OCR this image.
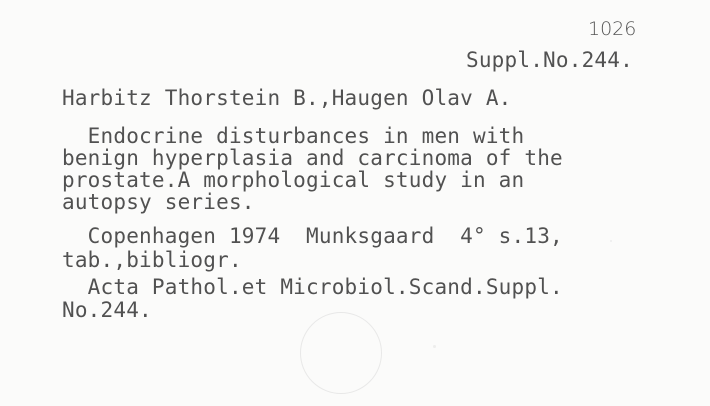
1026
Suppl.No.244.
Harbitz Thorstein B.,Haugen Olav A.
Endocrine disturbances in men with
benign hyperplasia and carcinoma of the
prostate.A morphological study in an
autopsy series.
Copenhagen 1974  Munksgaard  4° s.13,
tab.,bibliogr.
Acta Pathol.et Microbiol.Scand.Suppl.
No.244.
